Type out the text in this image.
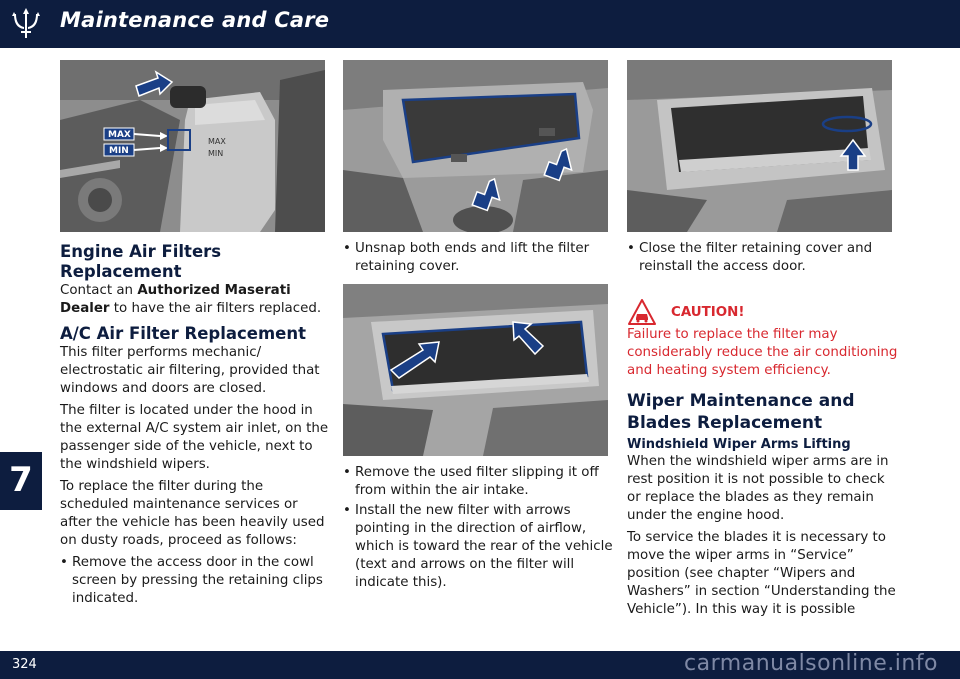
Maintenance and Care
7
MAX
MIN
MAX
MIN
Engine Air Filters Replacement

Contact an Authorized Maserati Dealer to have the air filters replaced.

A/C Air Filter Replacement

This filter performs mechanic/ electrostatic air filtering, provided that windows and doors are closed.

The filter is located under the hood in the external A/C system air inlet, on the passenger side of the vehicle, next to the windshield wipers.

To replace the filter during the scheduled maintenance services or after the vehicle has been heavily used on dusty roads, proceed as follows:

• Remove the access door in the cowl screen by pressing the retaining clips indicated.
• Unsnap both ends and lift the filter retaining cover.
• Remove the used filter slipping it off from within the air intake.
• Install the new filter with arrows pointing in the direction of airflow, which is toward the rear of the vehicle (text and arrows on the filter will indicate this).
• Close the filter retaining cover and reinstall the access door.
CAUTION!

Failure to replace the filter may considerably reduce the air conditioning and heating system efficiency.

Wiper Maintenance and Blades Replacement
Windshield Wiper Arms Lifting

When the windshield wiper arms are in rest position it is not possible to check or replace the blades as they remain under the engine hood.

To service the blades it is necessary to move the wiper arms in “Service” position (see chapter “Wipers and Washers” in section “Understanding the Vehicle”). In this way it is possible

324	carmanualsonline.info
